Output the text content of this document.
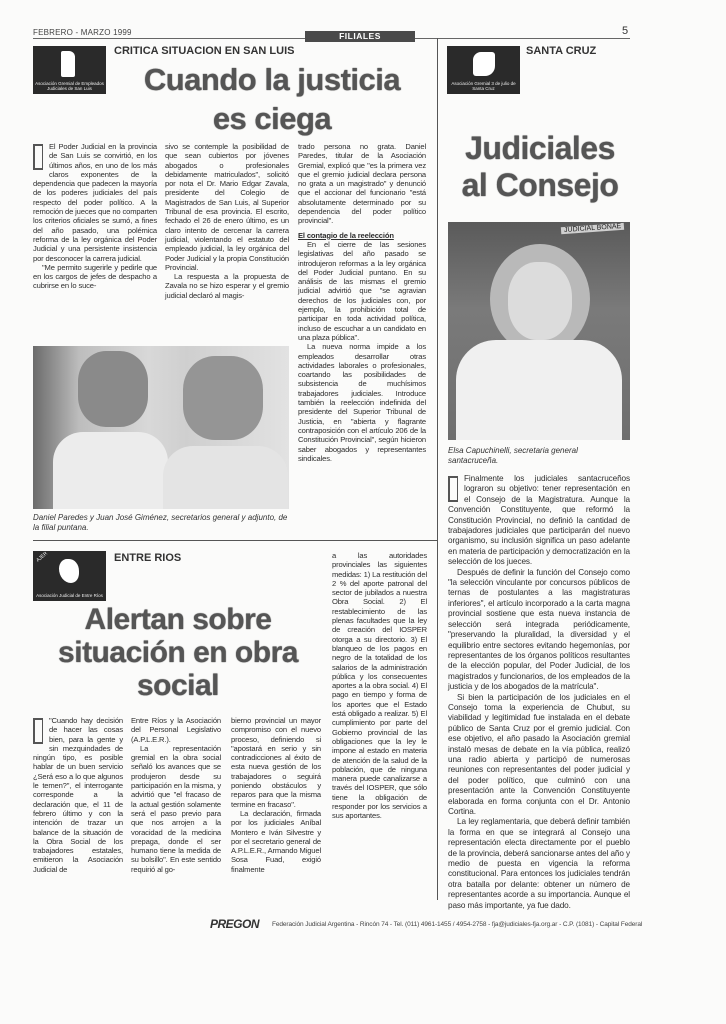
FEBRERO - MARZO 1999	FILIALES	5
Asociación Gremial de Empleados Judiciales de San Luis
CRITICA SITUACION EN SAN LUIS
Cuando la justicia
es ciega

El Poder Judicial en la provincia de San Luis se convirtió, en los últimos años, en uno de los más claros exponentes de la dependencia que padecen la mayoría de los poderes judiciales del país respecto del poder político. A la remoción de jueces que no comparten los criterios oficiales se sumó, a fines del año pasado, una polémica reforma de la ley orgánica del Poder Judicial y una persistente insistencia por desconocer la carrera judicial.

"Me permito sugerirle y pedirle que en los cargos de jefes de despacho a cubrirse en lo suce-

sivo se contemple la posibilidad de que sean cubiertos por jóvenes abogados o profesionales debidamente matriculados", solicitó por nota el Dr. Mario Edgar Zavala, presidente del Colegio de Magistrados de San Luis, al Superior Tribunal de esa provincia. El escrito, fechado el 26 de enero último, es un claro intento de cercenar la carrera judicial, violentando el estatuto del empleado judicial, la ley orgánica del Poder Judicial y la propia Constitución Provincial.

La respuesta a la propuesta de Zavala no se hizo esperar y el gremio judicial declaró al magis-

trado persona no grata. Daniel Paredes, titular de la Asociación Gremial, explicó que "es la primera vez que el gremio judicial declara persona no grata a un magistrado" y denunció que el accionar del funcionario "está absolutamente determinado por su dependencia del poder político provincial".

El contagio de la reelección

En el cierre de las sesiones legislativas del año pasado se introdujeron reformas a la ley orgánica del Poder Judicial puntano. En su análisis de las mismas el gremio judicial advirtió que "se agravian derechos de los judiciales con, por ejemplo, la prohibición total de participar en toda actividad política, incluso de escuchar a un candidato en una plaza pública".

La nueva norma impide a los empleados desarrollar otras actividades laborales o profesionales, coartando las posibilidades de subsistencia de muchísimos trabajadores judiciales. Introduce también la reelección indefinida del presidente del Superior Tribunal de Justicia, en "abierta y flagrante contraposición con el artículo 206 de la Constitución Provincial", según hicieron saber abogados y representantes sindicales.

Daniel Paredes y Juan José Giménez, secretarios general y adjunto, de la filial puntana.
AJER
Asociación Judicial de Entre Ríos
ENTRE RIOS
Alertan sobre
situación en obra
social

"Cuando hay decisión de hacer las cosas bien, para la gente y sin mezquindades de ningún tipo, es posible hablar de un buen servicio ¿Será eso a lo que algunos le temen?", el interrogante corresponde a la declaración que, el 11 de febrero último y con la intención de trazar un balance de la situación de la Obra Social de los trabajadores estatales, emitieron la Asociación Judicial de

Entre Ríos y la Asociación del Personal Legislativo (A.P.L.E.R.).

La representación gremial en la obra social señaló los avances que se produjeron desde su participación en la misma, y advirtió que "el fracaso de la actual gestión solamente será el paso previo para que nos arrojen a la voracidad de la medicina prepaga, donde el ser humano tiene la medida de su bolsillo". En este sentido requirió al go-

bierno provincial un mayor compromiso con el nuevo proceso, definiendo si "apostará en serio y sin contradicciones al éxito de esta nueva gestión de los trabajadores o seguirá poniendo obstáculos y reparos para que la misma termine en fracaso".

La declaración, firmada por los judiciales Aníbal Montero e Iván Silvestre y por el secretario general de A.P.L.E.R., Armando Miguel Sosa Fuad, exigió finalmente

a las autoridades provinciales las siguientes medidas: 1) La restitución del 2 % del aporte patronal del sector de jubilados a nuestra Obra Social. 2) El restablecimiento de las plenas facultades que la ley de creación del IOSPER otorga a su directorio. 3) El blanqueo de los pagos en negro de la totalidad de los salarios de la administración pública y los consecuentes aportes a la obra social. 4) El pago en tiempo y forma de los aportes que el Estado está obligado a realizar. 5) El cumplimiento por parte del Gobierno provincial de las obligaciones que la ley le impone al estado en materia de atención de la salud de la población, que de ninguna manera puede canalizarse a través del IOSPER, que sólo tiene la obligación de responder por los servicios a sus aportantes.

Asociación Gremial 3 de julio de Santa Cruz
SANTA CRUZ
Judiciales
al Consejo
JUDICIAL BONAE
Elsa Capuchinelli, secretaria general santacruceña.

Finalmente los judiciales santacruceños lograron su objetivo: tener representación en el Consejo de la Magistratura. Aunque la Convención Constituyente, que reformó la Constitución Provincial, no definió la cantidad de trabajadores judiciales que participarán del nuevo organismo, su inclusión significa un paso adelante en materia de participación y democratización en la selección de los jueces.

Después de definir la función del Consejo como "la selección vinculante por concursos públicos de ternas de postulantes a las magistraturas inferiores", el artículo incorporado a la carta magna provincial sostiene que esta nueva instancia de selección será integrada periódicamente, "preservando la pluralidad, la diversidad y el equilibrio entre sectores evitando hegemonías, por representantes de los órganos políticos resultantes de la elección popular, del Poder Judicial, de los magistrados y funcionarios, de los empleados de la justicia y de los abogados de la matrícula".

Si bien la participación de los judiciales en el Consejo toma la experiencia de Chubut, su viabilidad y legitimidad fue instalada en el debate público de Santa Cruz por el gremio judicial. Con ese objetivo, el año pasado la Asociación gremial instaló mesas de debate en la vía pública, realizó una radio abierta y participó de numerosas reuniones con representantes del poder judicial y del poder político, que culminó con una presentación ante la Convención Constituyente elaborada en forma conjunta con el Dr. Antonio Cortina.

La ley reglamentaria, que deberá definir también la forma en que se integrará al Consejo una representación electa directamente por el pueblo de la provincia, deberá sancionarse antes del año y medio de puesta en vigencia la reforma constitucional. Para entonces los judiciales tendrán otra batalla por delante: obtener un número de representantes acorde a su importancia. Aunque el paso más importante, ya fue dado.

PREGON Federación Judicial Argentina - Rincón 74 - Tel. (011) 4961-1455 / 4954-2758 - fja@judiciales-fja.org.ar - C.P. (1081) - Capital Federal
